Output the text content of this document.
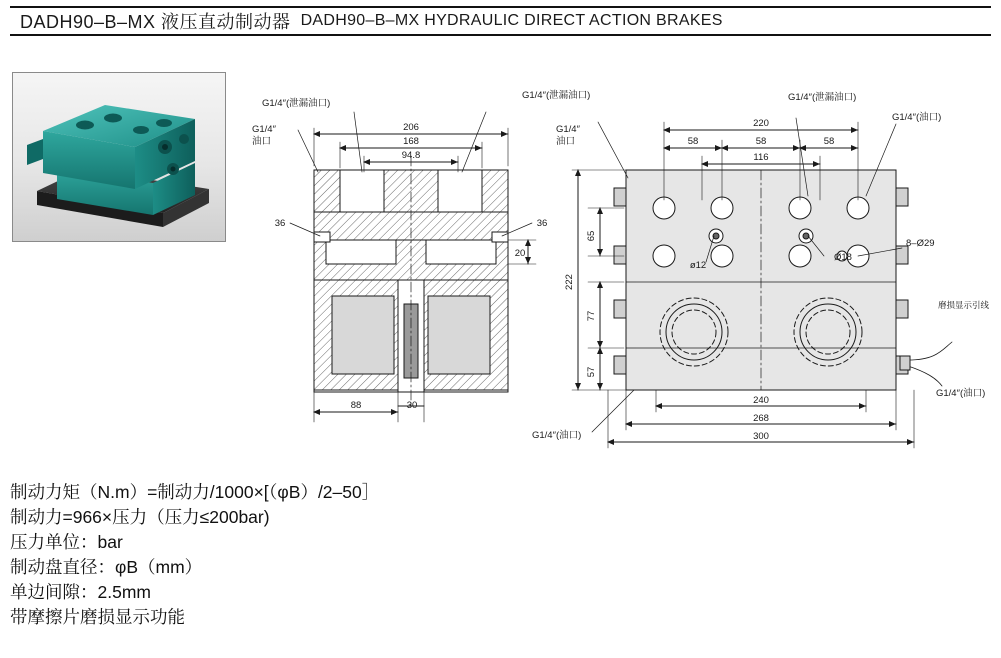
DADH90–B–MX 液压直动制动器 DADH90–B–MX HYDRAULIC DIRECT ACTION BRAKES
206
168
94.8
36	36
20
88	30
220
58	58	58
116
65
222
77
57
240
268
300
ø12
Ø18
8–Ø29
G1/4″(泄漏油口)
G1/4″(泄漏油口)	G1/4″(泄漏油口)
G1/4″
油口
G1/4″
油口
G1/4″(油口)
G1/4″(油口)
G1/4″(油口)
磨损显示引线
制动力矩（N.m）=制动力/1000×[（φB）/2–50］
制动力=966×压力（压力≤200bar)
压力单位：bar
制动盘直径：φB（mm）
单边间隙：2.5mm
带摩擦片磨损显示功能
